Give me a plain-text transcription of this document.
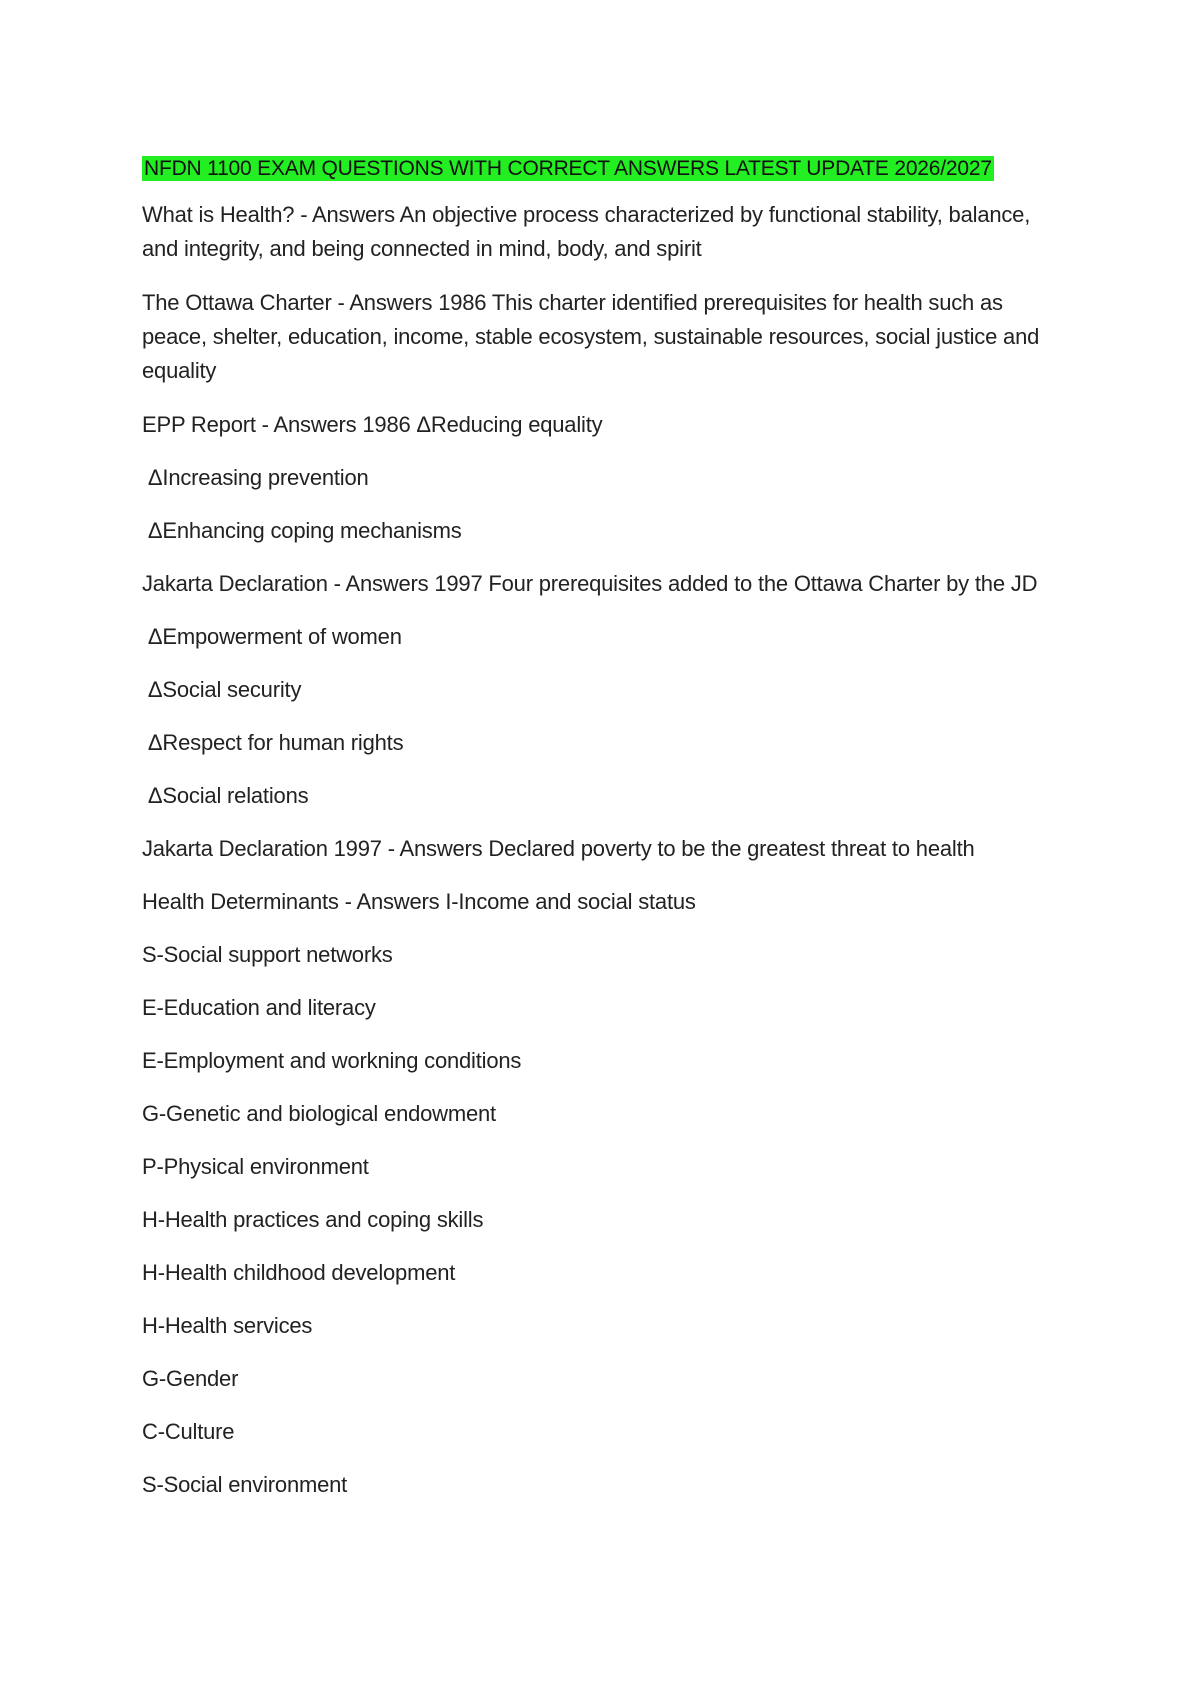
NFDN 1100 EXAM QUESTIONS WITH CORRECT ANSWERS LATEST UPDATE 2026/2027

What is Health? - Answers An objective process characterized by functional stability, balance, and integrity, and being connected in mind, body, and spirit

The Ottawa Charter - Answers 1986 This charter identified prerequisites for health such as peace, shelter, education, income, stable ecosystem, sustainable resources, social justice and equality

EPP Report - Answers 1986 ΔReducing equality

ΔIncreasing prevention

ΔEnhancing coping mechanisms

Jakarta Declaration - Answers 1997 Four prerequisites added to the Ottawa Charter by the JD

ΔEmpowerment of women

ΔSocial security

ΔRespect for human rights

ΔSocial relations

Jakarta Declaration 1997 - Answers Declared poverty to be the greatest threat to health

Health Determinants - Answers I-Income and social status

S-Social support networks

E-Education and literacy

E-Employment and workning conditions

G-Genetic and biological endowment

P-Physical environment

H-Health practices and coping skills

H-Health childhood development

H-Health services

G-Gender

C-Culture

S-Social environment
